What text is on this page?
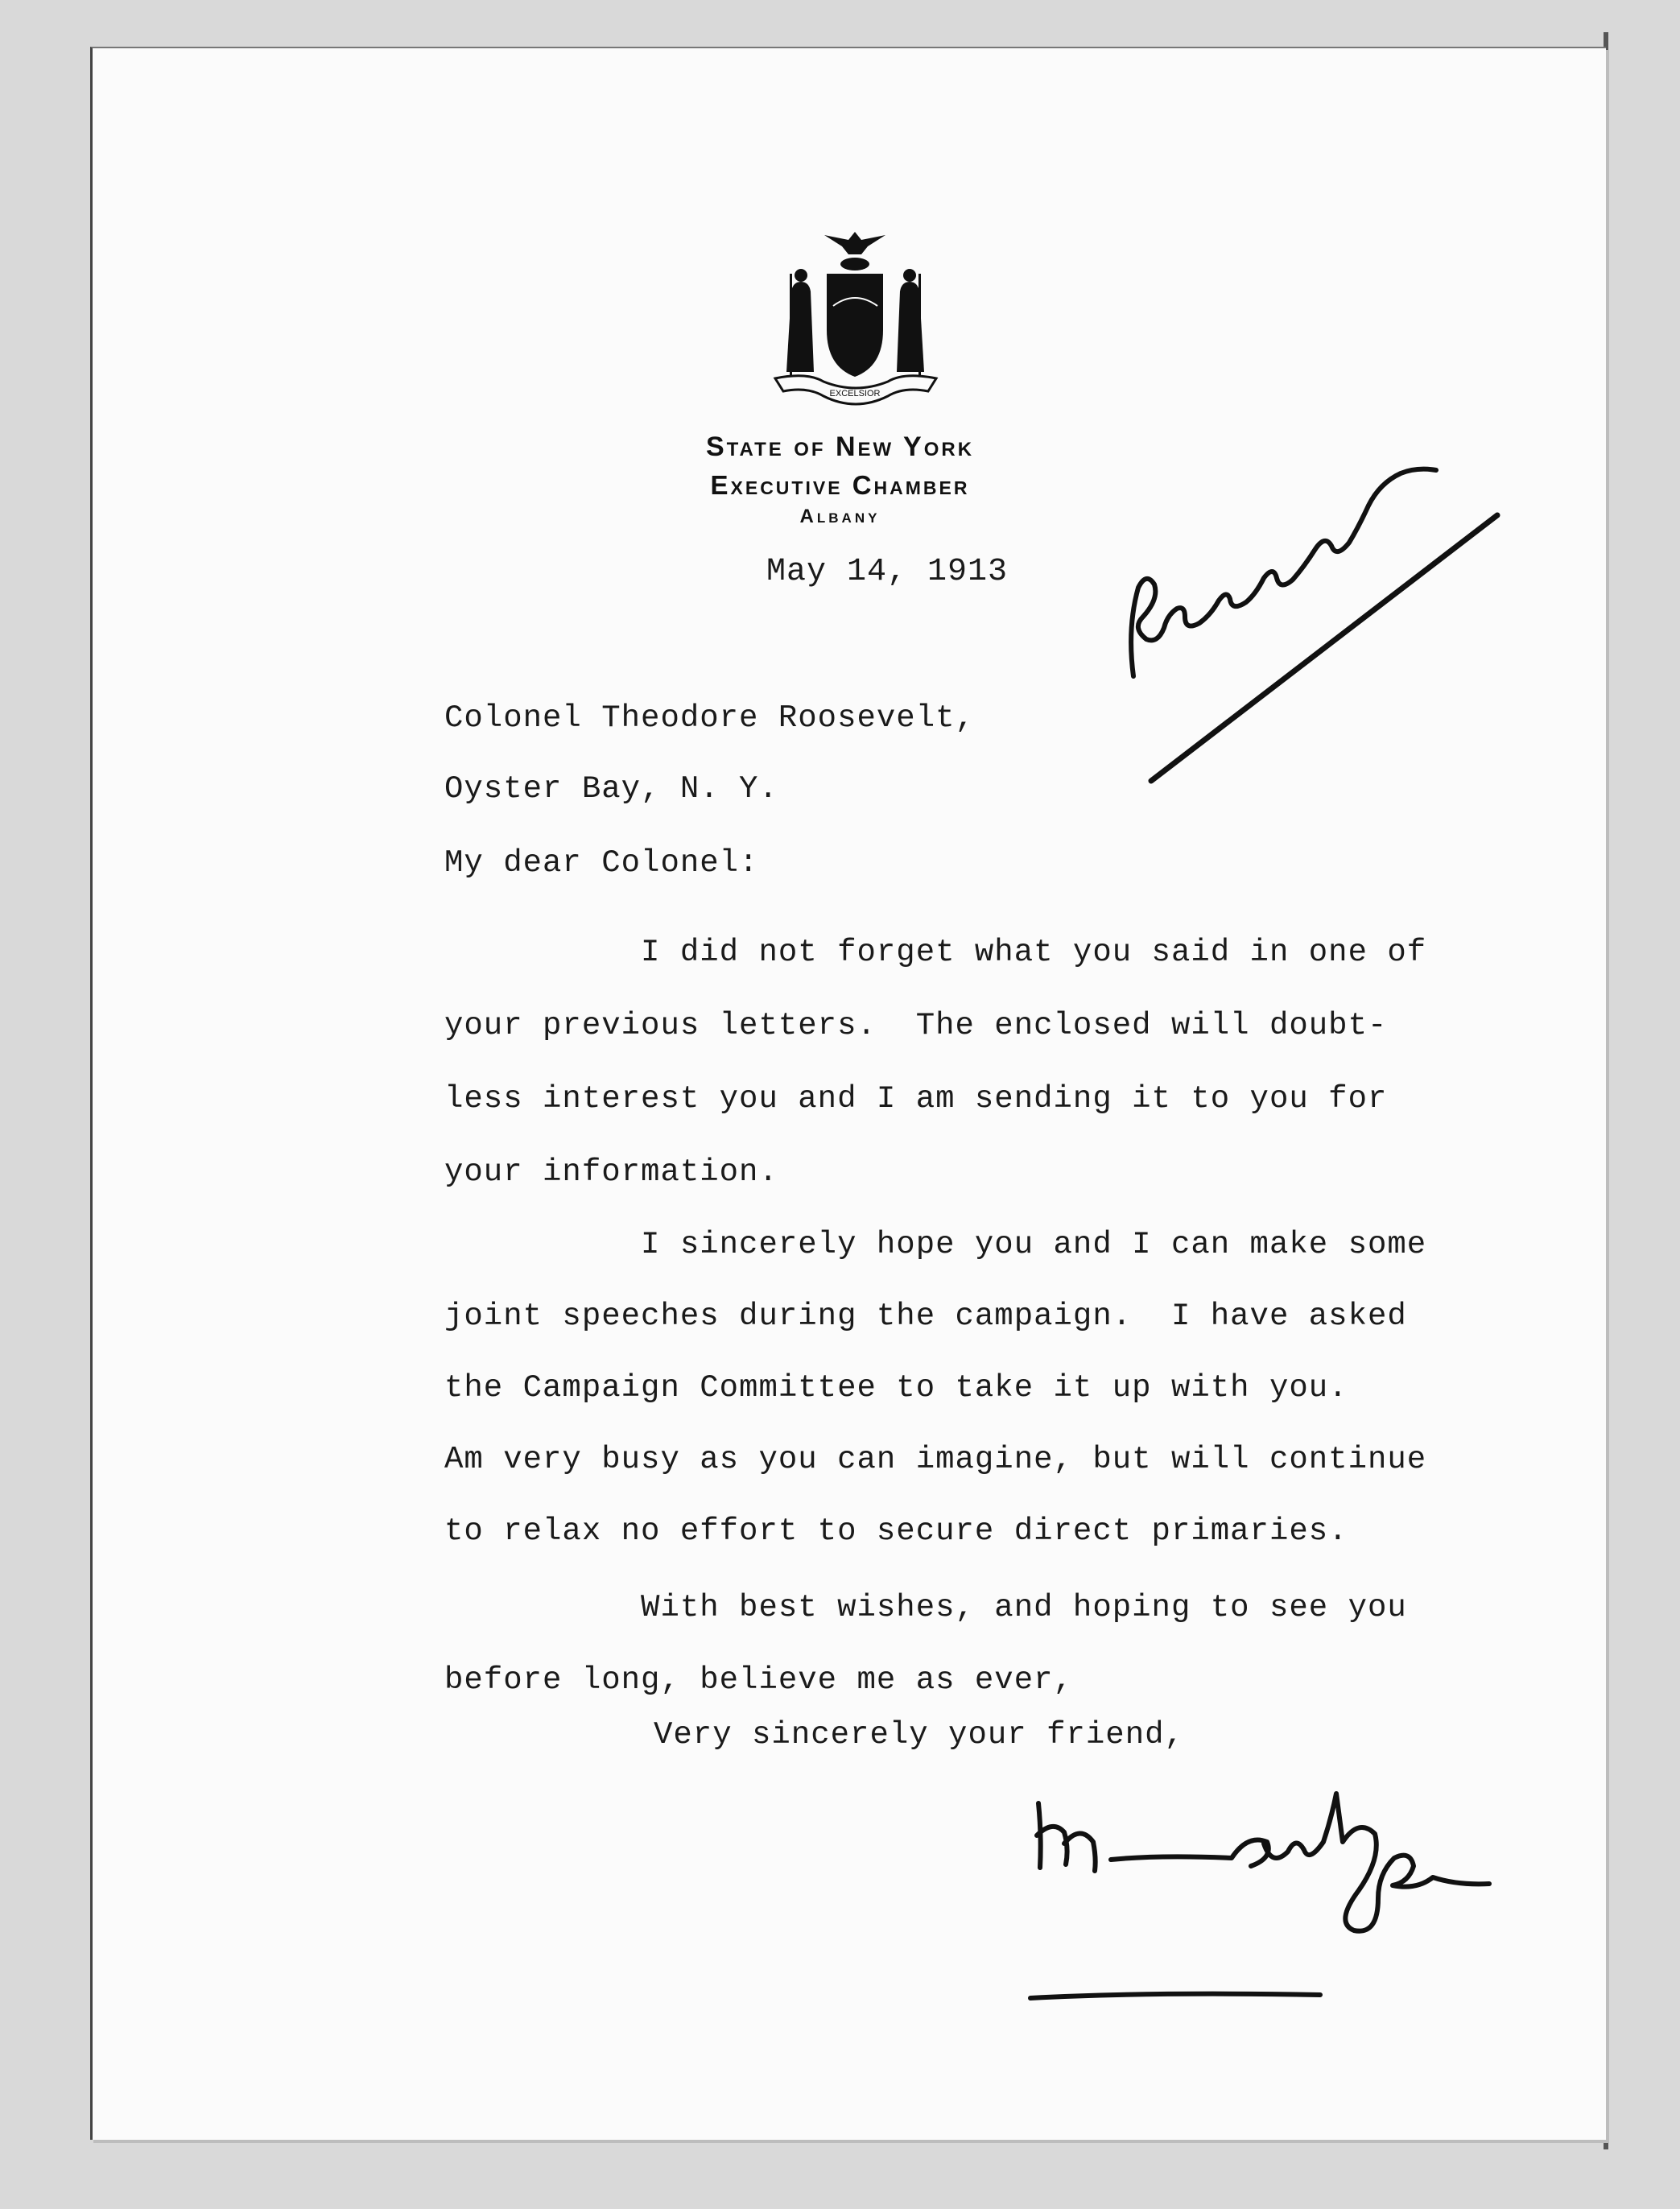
EXCELSIOR
State of New York
Executive Chamber
Albany
May 14, 1913
Colonel Theodore Roosevelt,
Oyster Bay, N. Y.
My dear Colonel:
I did not forget what you said in one of
your previous letters.  The enclosed will doubt-
less interest you and I am sending it to you for
your information.
I sincerely hope you and I can make some
joint speeches during the campaign.  I have asked
the Campaign Committee to take it up with you.
Am very busy as you can imagine, but will continue
to relax no effort to secure direct primaries.
With best wishes, and hoping to see you
before long, believe me as ever,
Very sincerely your friend,
